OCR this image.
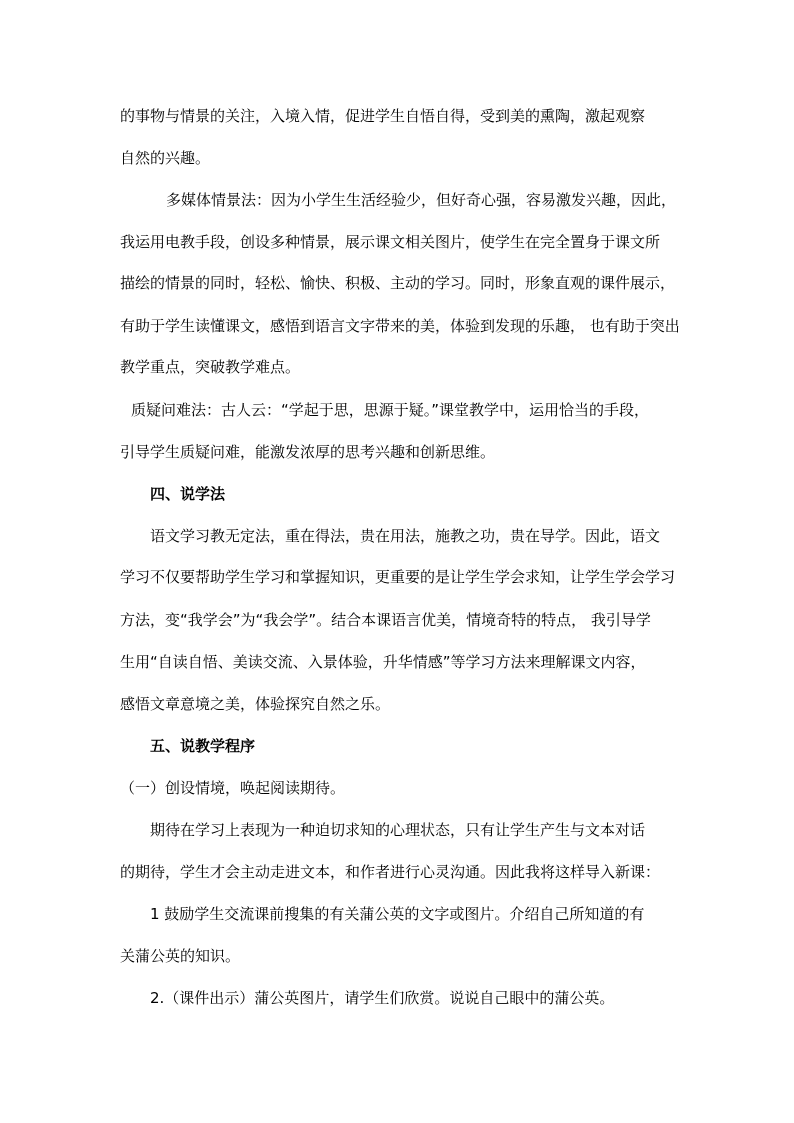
的事物与情景的关注，入境入情，促进学生自悟自得，受到美的熏陶，激起观察
自然的兴趣。
多媒体情景法：因为小学生生活经验少，但好奇心强，容易激发兴趣，因此，
我运用电教手段，创设多种情景，展示课文相关图片，使学生在完全置身于课文所
描绘的情景的同时，轻松、愉快、积极、主动的学习。同时，形象直观的课件展示，
有助于学生读懂课文，感悟到语言文字带来的美，体验到发现的乐趣， 也有助于突出
教学重点，突破教学难点。
质疑问难法：古人云：“学起于思，思源于疑。”课堂教学中，运用恰当的手段，
引导学生质疑问难，能激发浓厚的思考兴趣和创新思维。
四、说学法
语文学习教无定法，重在得法，贵在用法，施教之功，贵在导学。因此，语文
学习不仅要帮助学生学习和掌握知识，更重要的是让学生学会求知，让学生学会学习
方法，变“我学会”为“我会学”。结合本课语言优美，情境奇特的特点， 我引导学
生用“自读自悟、美读交流、入景体验，升华情感”等学习方法来理解课文内容，
感悟文章意境之美，体验探究自然之乐。
五、说教学程序
（一）创设情境，唤起阅读期待。
期待在学习上表现为一种迫切求知的心理状态，只有让学生产生与文本对话
的期待，学生才会主动走进文本，和作者进行心灵沟通。因此我将这样导入新课：
1 鼓励学生交流课前搜集的有关蒲公英的文字或图片。介绍自己所知道的有
关蒲公英的知识。
2.（课件出示）蒲公英图片，请学生们欣赏。说说自己眼中的蒲公英。
